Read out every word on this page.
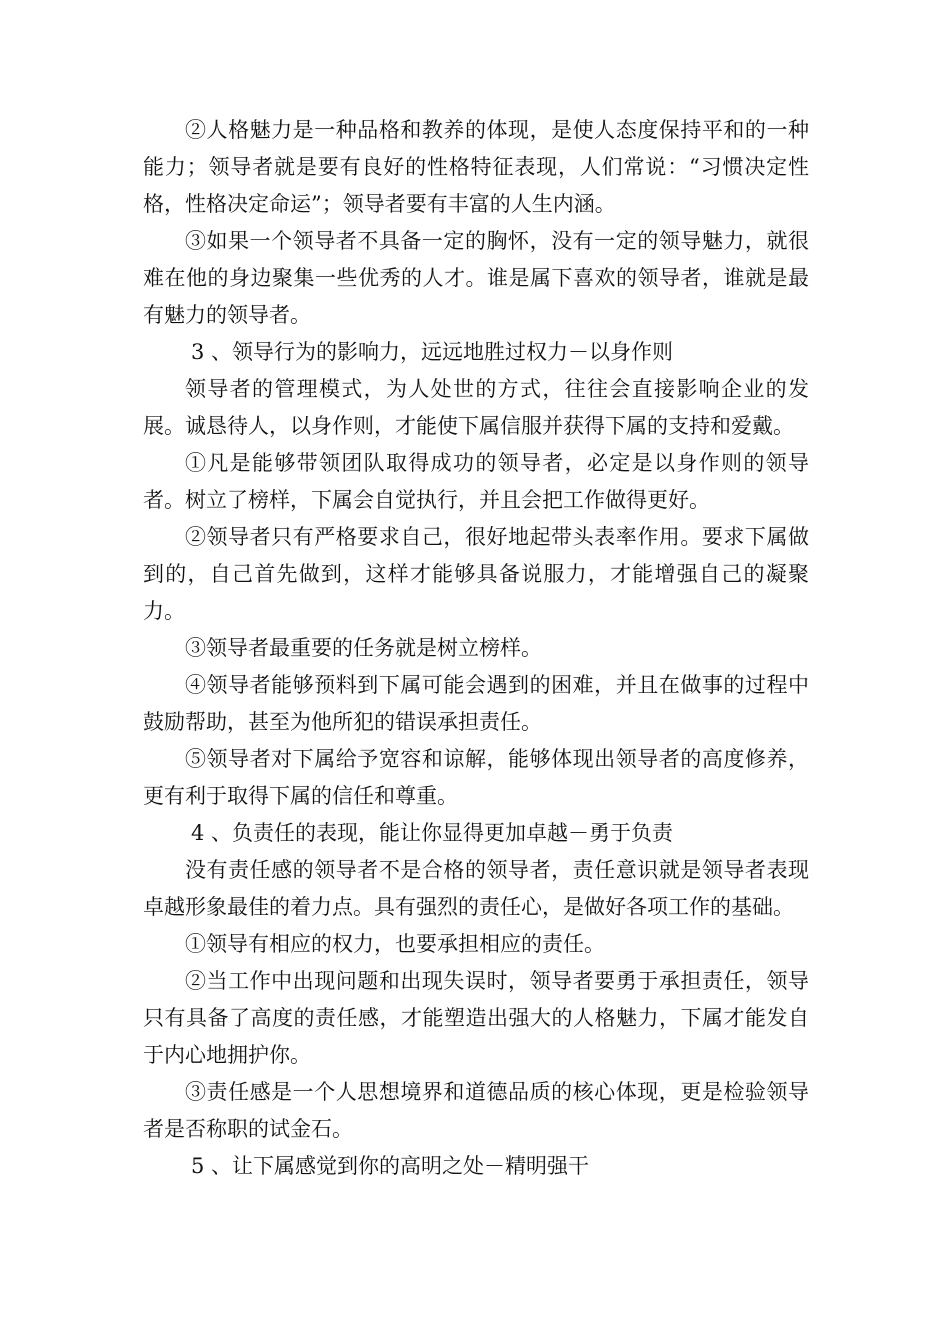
②人格魅力是一种品格和教养的体现，是使人态度保持平和的一种能力；领导者就是要有良好的性格特征表现，人们常说：“习惯决定性格，性格决定命运”；领导者要有丰富的人生内涵。

③如果一个领导者不具备一定的胸怀，没有一定的领导魅力，就很难在他的身边聚集一些优秀的人才。谁是属下喜欢的领导者，谁就是最有魅力的领导者。

3 、领导行为的影响力，远远地胜过权力－以身作则

领导者的管理模式，为人处世的方式，往往会直接影响企业的发展。诚恳待人，以身作则，才能使下属信服并获得下属的支持和爱戴。

①凡是能够带领团队取得成功的领导者，必定是以身作则的领导者。树立了榜样，下属会自觉执行，并且会把工作做得更好。

②领导者只有严格要求自己，很好地起带头表率作用。要求下属做到的，自己首先做到，这样才能够具备说服力，才能增强自己的凝聚力。

③领导者最重要的任务就是树立榜样。

④领导者能够预料到下属可能会遇到的困难，并且在做事的过程中鼓励帮助，甚至为他所犯的错误承担责任。

⑤领导者对下属给予宽容和谅解，能够体现出领导者的高度修养，更有利于取得下属的信任和尊重。

4 、负责任的表现，能让你显得更加卓越－勇于负责

没有责任感的领导者不是合格的领导者，责任意识就是领导者表现卓越形象最佳的着力点。具有强烈的责任心，是做好各项工作的基础。

①领导有相应的权力，也要承担相应的责任。

②当工作中出现问题和出现失误时，领导者要勇于承担责任，领导只有具备了高度的责任感，才能塑造出强大的人格魅力，下属才能发自于内心地拥护你。

③责任感是一个人思想境界和道德品质的核心体现，更是检验领导者是否称职的试金石。

5 、让下属感觉到你的高明之处－精明强干
